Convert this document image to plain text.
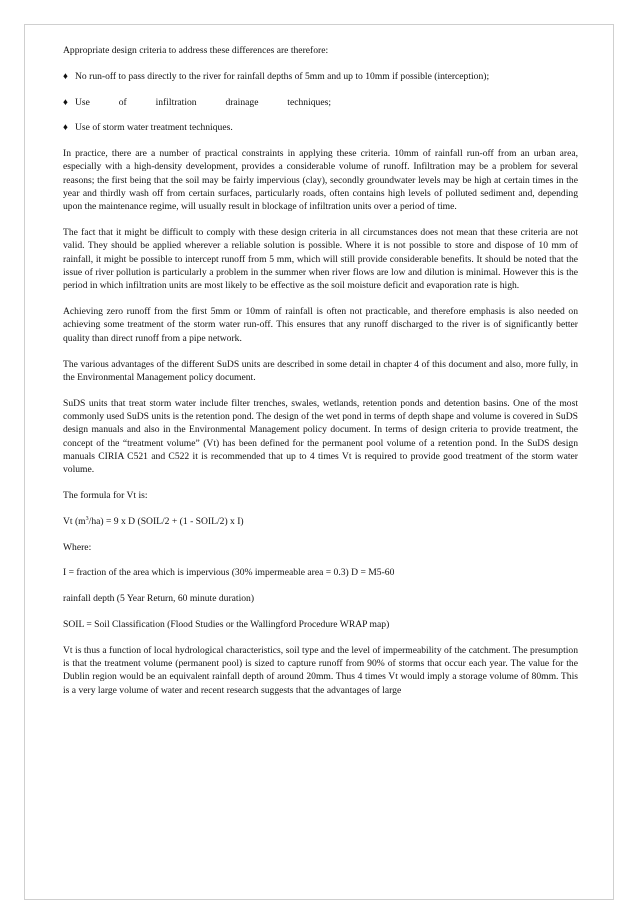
Appropriate design criteria to address these differences are therefore:

♦ No run-off to pass directly to the river for rainfall depths of 5mm and up to 10mm if possible (interception);
♦ Use	of	infiltration	drainage	techniques;
♦ Use of storm water treatment techniques.

In practice, there are a number of practical constraints in applying these criteria. 10mm of rainfall run-off from an urban area, especially with a high-density development, provides a considerable volume of runoff. Infiltration may be a problem for several reasons; the first being that the soil may be fairly impervious (clay), secondly groundwater levels may be high at certain times in the year and thirdly wash off from certain surfaces, particularly roads, often contains high levels of polluted sediment and, depending upon the maintenance regime, will usually result in blockage of infiltration units over a period of time.

The fact that it might be difficult to comply with these design criteria in all circumstances does not mean that these criteria are not valid. They should be applied wherever a reliable solution is possible. Where it is not possible to store and dispose of 10 mm of rainfall, it might be possible to intercept runoff from 5 mm, which will still provide considerable benefits. It should be noted that the issue of river pollution is particularly a problem in the summer when river flows are low and dilution is minimal. However this is the period in which infiltration units are most likely to be effective as the soil moisture deficit and evaporation rate is high.

Achieving zero runoff from the first 5mm or 10mm of rainfall is often not practicable, and therefore emphasis is also needed on achieving some treatment of the storm water run-off. This ensures that any runoff discharged to the river is of significantly better quality than direct runoff from a pipe network.

The various advantages of the different SuDS units are described in some detail in chapter 4 of this document and also, more fully, in the Environmental Management policy document.

SuDS units that treat storm water include filter trenches, swales, wetlands, retention ponds and detention basins. One of the most commonly used SuDS units is the retention pond. The design of the wet pond in terms of depth shape and volume is covered in SuDS design manuals and also in the Environmental Management policy document. In terms of design criteria to provide treatment, the concept of the “treatment volume” (Vt) has been defined for the permanent pool volume of a retention pond. In the SuDS design manuals CIRIA C521 and C522 it is recommended that up to 4 times Vt is required to provide good treatment of the storm water volume.

The formula for Vt is:

Vt $(m^3/ha) = 9$ x D (SOIL/2 + (1 - SOIL/2) x I)

Where:

I = fraction of the area which is impervious (30% impermeable area = 0.3) D = M5-60

rainfall depth (5 Year Return, 60 minute duration)

SOIL = Soil Classification (Flood Studies or the Wallingford Procedure WRAP map)

Vt is thus a function of local hydrological characteristics, soil type and the level of impermeability of the catchment. The presumption is that the treatment volume (permanent pool) is sized to capture runoff from 90% of storms that occur each year. The value for the Dublin region would be an equivalent rainfall depth of around 20mm. Thus 4 times Vt would imply a storage volume of 80mm. This is a very large volume of water and recent research suggests that the advantages of large
